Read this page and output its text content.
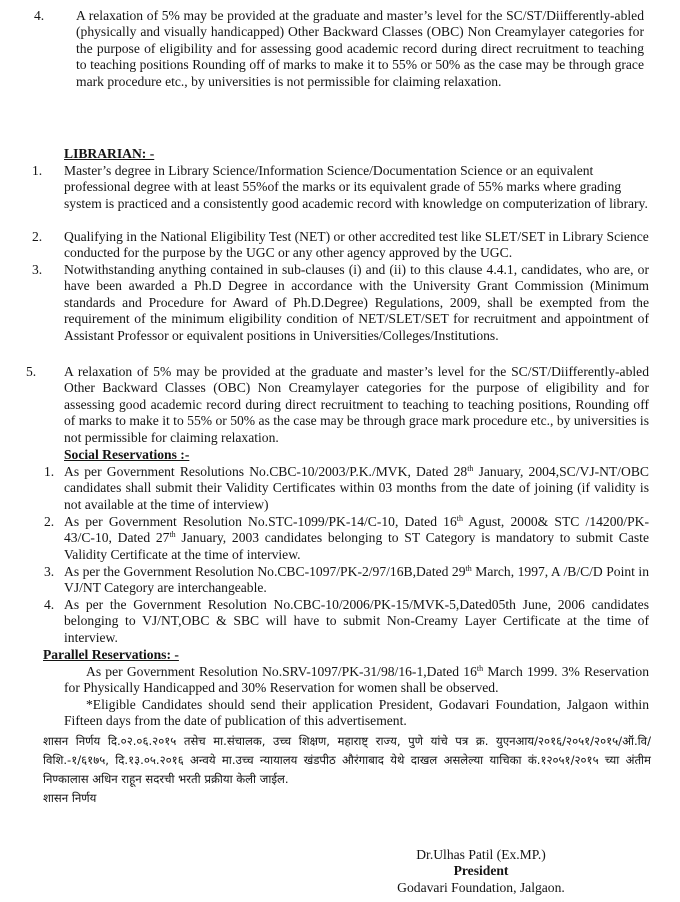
4. A relaxation of 5% may be provided at the graduate and master’s level for the SC/ST/Diifferently-abled (physically and visually handicapped) Other Backward Classes (OBC) Non Creamylayer categories for the purpose of eligibility and for assessing good academic record during direct recruitment to teaching to teaching positions Rounding off of marks to make it to 55% or 50% as the case may be through grace mark procedure etc., by universities is not permissible for claiming relaxation.
LIBRARIAN: -
1. Master’s degree in Library Science/Information Science/Documentation Science or an equivalent professional degree with at least 55%of the marks or its equivalent grade of 55% marks where grading system is practiced and a consistently good academic record with knowledge on computerization of library.
2. Qualifying in the National Eligibility Test (NET) or other accredited test like SLET/SET in Library Science conducted for the purpose by the UGC or any other agency approved by the UGC.
3. Notwithstanding anything contained in sub-clauses (i) and (ii) to this clause 4.4.1, candidates, who are, or have been awarded a Ph.D Degree in accordance with the University Grant Commission (Minimum standards and Procedure for Award of Ph.D.Degree) Regulations, 2009, shall be exempted from the requirement of the minimum eligibility condition of NET/SLET/SET for recruitment and appointment of Assistant Professor or equivalent positions in Universities/Colleges/Institutions.
5. A relaxation of 5% may be provided at the graduate and master’s level for the SC/ST/Diifferently-abled Other Backward Classes (OBC) Non Creamylayer categories for the purpose of eligibility and for assessing good academic record during direct recruitment to teaching to teaching positions, Rounding off of marks to make it to 55% or 50% as the case may be through grace mark procedure etc., by universities is not permissible for claiming relaxation.
Social Reservations :-
1. As per Government Resolutions No.CBC-10/2003/P.K./MVK, Dated 28th January, 2004,SC/VJ-NT/OBC candidates shall submit their Validity Certificates within 03 months from the date of joining (if validity is not available at the time of interview)
2. As per Government Resolution No.STC-1099/PK-14/C-10, Dated 16th Agust, 2000& STC /14200/PK-43/C-10, Dated 27th January, 2003 candidates belonging to ST Category is mandatory to submit Caste Validity Certificate at the time of interview.
3. As per the Government Resolution No.CBC-1097/PK-2/97/16B,Dated 29th March, 1997, A /B/C/D Point in VJ/NT Category are interchangeable.
4. As per the Government Resolution No.CBC-10/2006/PK-15/MVK-5,Dated05th June, 2006 candidates belonging to VJ/NT,OBC & SBC will have to submit Non-Creamy Layer Certificate at the time of interview.
Parallel Reservations: -
As per Government Resolution No.SRV-1097/PK-31/98/16-1,Dated 16th March 1999. 3% Reservation for Physically Handicapped and 30% Reservation for women shall be observed.
*Eligible Candidates should send their application President, Godavari Foundation, Jalgaon within Fifteen days from the date of publication of this advertisement.
शासन निर्णय दि.०२.०६.२०१५ तसेच मा.संचालक, उच्च शिक्षण, महाराष्ट् राज्य, पुणे यांचे पत्र क्र. युएनआय/२०१६/२०५१/२०१५/ऑ.वि/विशि.-१/६१७५, दि.१३.०५.२०१६ अन्वये मा.उच्च न्यायालय खंडपीठ औरंगाबाद येथे दाखल असलेल्या याचिका कं.१२०५१/२०१५ च्या अंतीम निण्कालास अधिन राहून सदरची भरती प्रक्रीया केली जाईल.
शासन निर्णय
Dr.Ulhas Patil (Ex.MP.)
President
Godavari Foundation, Jalgaon.
